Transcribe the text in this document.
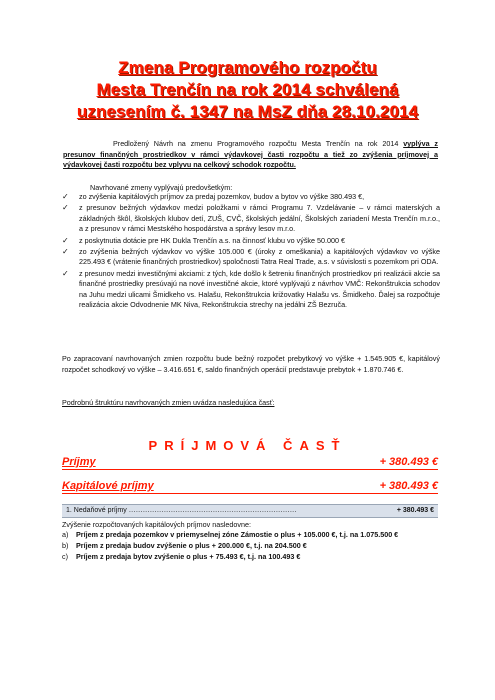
Zmena Programového rozpočtu
Mesta Trenčín na rok 2014 schválená
uznesením č. 1347 na MsZ dňa 28.10.2014
Predložený Návrh na zmenu Programového rozpočtu Mesta Trenčín na rok 2014 vyplýva z presunov finančných prostriedkov v rámci výdavkovej časti rozpočtu a tiež zo zvýšenia príjmovej a výdavkovej časti rozpočtu bez vplyvu na celkový schodok rozpočtu.
Navrhované zmeny vyplývajú predovšetkým:
✓ zo zvýšenia kapitálových príjmov za predaj pozemkov, budov a bytov vo výške 380.493 €,
✓ z presunov bežných výdavkov medzi položkami v rámci Programu 7. Vzdelávanie – v rámci materských a základných škôl, školských klubov detí, ZUŠ, CVČ, školských jedální, Školských zariadení Mesta Trenčín m.r.o., a z presunov v rámci Mestského hospodárstva a správy lesov m.r.o.
✓ z poskytnutia dotácie pre HK Dukla Trenčín a.s. na činnosť klubu vo výške 50.000 €
✓ zo zvýšenia bežných výdavkov vo výške 105.000 € (úroky z omeškania) a kapitálových výdavkov vo výške 225.493 € (vrátenie finančných prostriedkov) spoločnosti Tatra Real Trade, a.s. v súvislosti s pozemkom pri ODA.
✓ z presunov medzi investičnými akciami: z tých, kde došlo k šetreniu finančných prostriedkov pri realizácii akcie sa finančné prostriedky presúvajú na nové investičné akcie, ktoré vyplývajú z návrhov VMČ: Rekonštrukcia schodov na Juhu medzi ulicami Šmidkeho vs. Halašu, Rekonštrukcia križovatky Halašu vs. Šmidkeho. Ďalej sa rozpočtuje realizácia akcie Odvodnenie MK Niva, Rekonštrukcia strechy na jedálni ZŠ Bezruča.
Po zapracovaní navrhovaných zmien rozpočtu bude bežný rozpočet prebytkový vo výške + 1.545.905 €, kapitálový rozpočet schodkový vo výške – 3.416.651 €, saldo finančných operácií predstavuje prebytok + 1.870.746 €.
Podrobnú štruktúru navrhovaných zmien uvádza nasledujúca časť:
PRÍJMOVÁ ČASŤ
Príjmy	+ 380.493 €
Kapitálové príjmy	+ 380.493 €
1. Nedaňové príjmy ………………………………………………………………	+ 380.493 €
Zvýšenie rozpočtovaných kapitálových príjmov nasledovne:
a) Príjem z predaja pozemkov v priemyselnej zóne Zámostie o plus + 105.000 €, t.j. na 1.075.500 €
b) Príjem z predaja budov zvýšenie o plus + 200.000 €, t.j. na 204.500 €
c) Príjem z predaja bytov zvýšenie o plus + 75.493 €, t.j. na 100.493 €
